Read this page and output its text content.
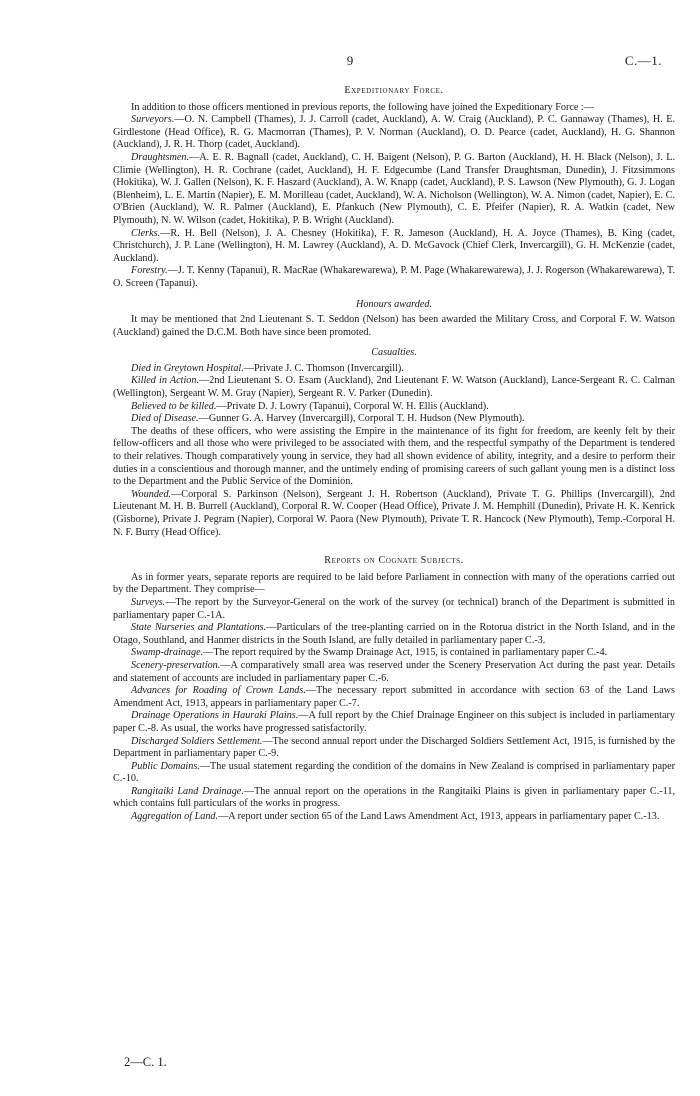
9	C.—1.
Expeditionary Force.

In addition to those officers mentioned in previous reports, the following have joined the Expeditionary Force :—

Surveyors.—O. N. Campbell (Thames), J. J. Carroll (cadet, Auckland), A. W. Craig (Auckland), P. C. Gannaway (Thames), H. E. Girdlestone (Head Office), R. G. Macmorran (Thames), P. V. Norman (Auckland), O. D. Pearce (cadet, Auckland), H. G. Shannon (Auckland), J. R. H. Thorp (cadet, Auckland).

Draughtsmen.—A. E. R. Bagnall (cadet, Auckland), C. H. Baigent (Nelson), P. G. Barton (Auckland), H. H. Black (Nelson), J. L. Climie (Wellington), H. R. Cochrane (cadet, Auckland), H. F. Edgecumbe (Land Transfer Draughtsman, Dunedin), J. Fitzsimmons (Hokitika), W. J. Gallen (Nelson), K. F. Haszard (Auckland), A. W. Knapp (cadet, Auckland), P. S. Lawson (New Plymouth), G. J. Logan (Blenheim), L. E. Martin (Napier), E. M. Morilleau (cadet, Auckland), W. A. Nicholson (Wellington), W. A. Nimon (cadet, Napier), E. C. O'Brien (Auckland), W. R. Palmer (Auckland), E. Pfankuch (New Plymouth), C. E. Pfeifer (Napier), R. A. Watkin (cadet, New Plymouth), N. W. Wilson (cadet, Hokitika), P. B. Wright (Auckland).

Clerks.—R. H. Bell (Nelson), J. A. Chesney (Hokitika), F. R. Jameson (Auckland), H. A. Joyce (Thames), B. King (cadet, Christchurch), J. P. Lane (Wellington), H. M. Lawrey (Auckland), A. D. McGavock (Chief Clerk, Invercargill), G. H. McKenzie (cadet, Auckland).

Forestry.—J. T. Kenny (Tapanui), R. MacRae (Whakarewarewa), P. M. Page (Whakarewarewa), J. J. Rogerson (Whakarewarewa), T. O. Screen (Tapanui).

Honours awarded.

It may be mentioned that 2nd Lieutenant S. T. Seddon (Nelson) has been awarded the Military Cross, and Corporal F. W. Watson (Auckland) gained the D.C.M. Both have since been promoted.

Casualties.

Died in Greytown Hospital.—Private J. C. Thomson (Invercargill).

Killed in Action.—2nd Lieutenant S. O. Esam (Auckland), 2nd Lieutenant F. W. Watson (Auckland), Lance-Sergeant R. C. Calman (Wellington), Sergeant W. M. Gray (Napier), Sergeant R. V. Parker (Dunedin).

Believed to be killed.—Private D. J. Lowry (Tapanui), Corporal W. H. Ellis (Auckland).

Died of Disease.—Gunner G. A. Harvey (Invercargill), Corporal T. H. Hudson (New Plymouth).

The deaths of these officers, who were assisting the Empire in the maintenance of its fight for freedom, are keenly felt by their fellow-officers and all those who were privileged to be associated with them, and the respectful sympathy of the Department is tendered to their relatives. Though comparatively young in service, they had all shown evidence of ability, integrity, and a desire to perform their duties in a conscientious and thorough manner, and the untimely ending of promising careers of such gallant young men is a distinct loss to the Department and the Public Service of the Dominion.

Wounded.—Corporal S. Parkinson (Nelson), Sergeant J. H. Robertson (Auckland), Private T. G. Phillips (Invercargill), 2nd Lieutenant M. H. B. Burrell (Auckland), Corporal R. W. Cooper (Head Office), Private J. M. Hemphill (Dunedin), Private H. K. Kenrick (Gisborne), Private J. Pegram (Napier), Corporal W. Paora (New Plymouth), Private T. R. Hancock (New Plymouth), Temp.-Corporal H. N. F. Burry (Head Office).

Reports on Cognate Subjects.

As in former years, separate reports are required to be laid before Parliament in connection with many of the operations carried out by the Department. They comprise—

Surveys.—The report by the Surveyor-General on the work of the survey (or technical) branch of the Department is submitted in parliamentary paper C.-1A.

State Nurseries and Plantations.—Particulars of the tree-planting carried on in the Rotorua district in the North Island, and in the Otago, Southland, and Hanmer districts in the South Island, are fully detailed in parliamentary paper C.-3.

Swamp-drainage.—The report required by the Swamp Drainage Act, 1915, is contained in parliamentary paper C.-4.

Scenery-preservation.—A comparatively small area was reserved under the Scenery Preservation Act during the past year. Details and statement of accounts are included in parliamentary paper C.-6.

Advances for Roading of Crown Lands.—The necessary report submitted in accordance with section 63 of the Land Laws Amendment Act, 1913, appears in parliamentary paper C.-7.

Drainage Operations in Hauraki Plains.—A full report by the Chief Drainage Engineer on this subject is included in parliamentary paper C.-8. As usual, the works have progressed satisfactorily.

Discharged Soldiers Settlement.—The second annual report under the Discharged Soldiers Settlement Act, 1915, is furnished by the Department in parliamentary paper C.-9.

Public Domains.—The usual statement regarding the condition of the domains in New Zealand is comprised in parliamentary paper C.-10.

Rangitaiki Land Drainage.—The annual report on the operations in the Rangitaiki Plains is given in parliamentary paper C.-11, which contains full particulars of the works in progress.

Aggregation of Land.—A report under section 65 of the Land Laws Amendment Act, 1913, appears in parliamentary paper C.-13.

2—C. 1.
